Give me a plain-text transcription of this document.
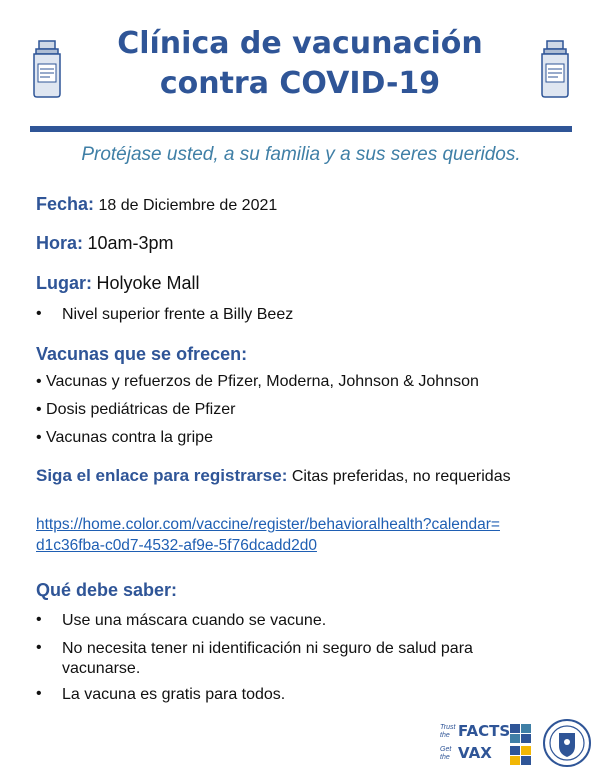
Clínica de vacunación
contra COVID-19
Protéjase usted, a su familia y a sus seres queridos.
Fecha: 18 de Diciembre de 2021
Hora: 10am-3pm
Lugar: Holyoke Mall
• Nivel superior frente a Billy Beez
Vacunas que se ofrecen:
• Vacunas y refuerzos de Pfizer, Moderna, Johnson & Johnson
• Dosis pediátricas de Pfizer
• Vacunas contra la gripe
Siga el enlace para registrarse: Citas preferidas, no requeridas
https://home.color.com/vaccine/register/behavioralhealth?calendar=
d1c36fba-c0d7-4532-af9e-5f76dcadd2d0
Qué debe saber:
• Use una máscara cuando se vacune.
• No necesita tener ni identificación ni seguro de salud para vacunarse.
• La vacuna es gratis para todos.
Trust the FACTS
Get the VAX
